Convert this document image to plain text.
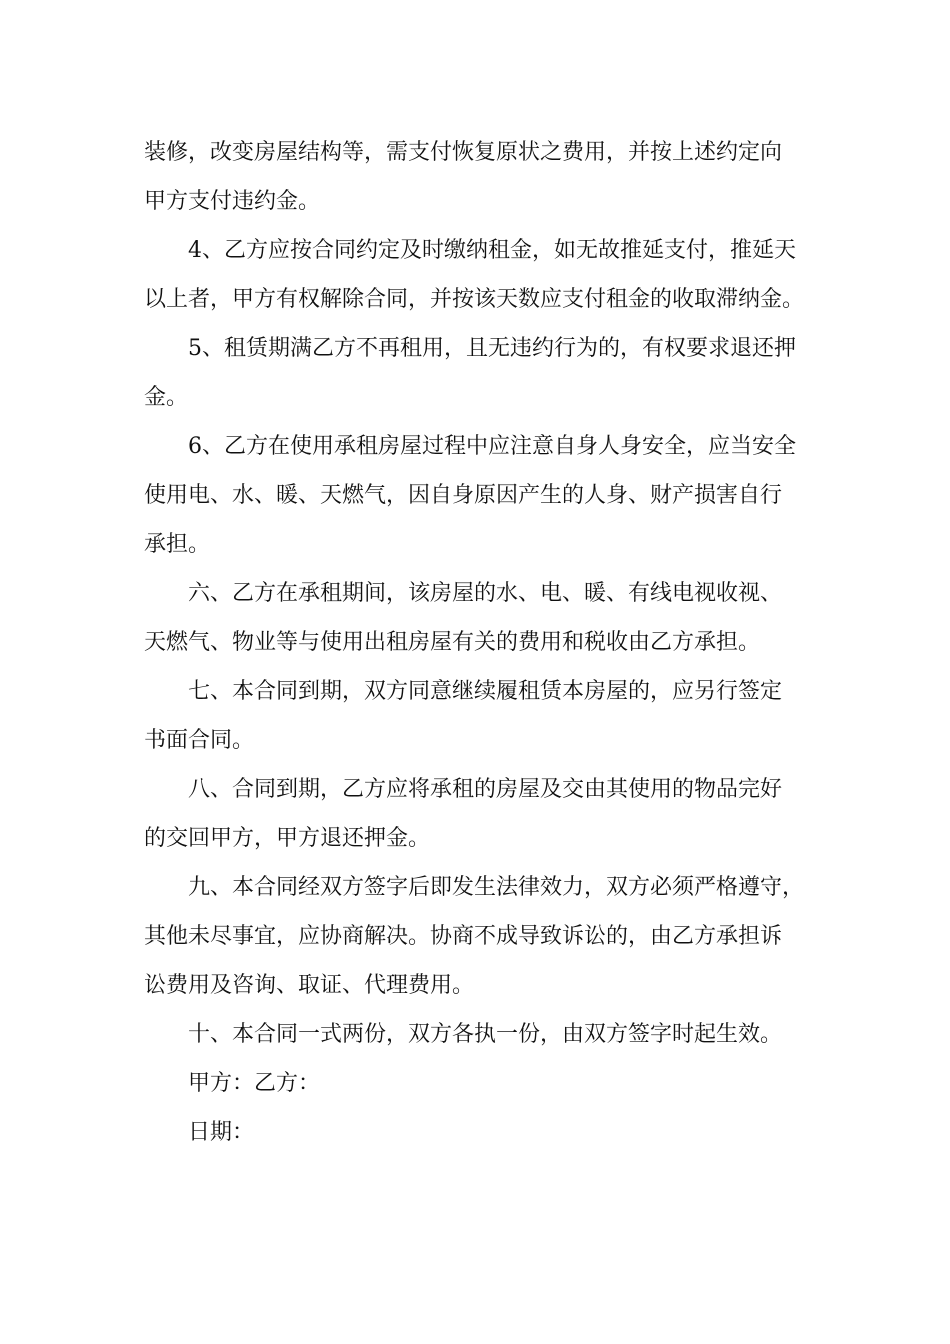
装修，改变房屋结构等，需支付恢复原状之费用，并按上述约定向
甲方支付违约金。
4、乙方应按合同约定及时缴纳租金，如无故推延支付，推延天
以上者，甲方有权解除合同，并按该天数应支付租金的收取滞纳金。
5、租赁期满乙方不再租用，且无违约行为的，有权要求退还押
金。
6、乙方在使用承租房屋过程中应注意自身人身安全，应当安全
使用电、水、暖、天燃气，因自身原因产生的人身、财产损害自行
承担。
六、乙方在承租期间，该房屋的水、电、暖、有线电视收视、
天燃气、物业等与使用出租房屋有关的费用和税收由乙方承担。
七、本合同到期，双方同意继续履租赁本房屋的，应另行签定
书面合同。
八、合同到期，乙方应将承租的房屋及交由其使用的物品完好
的交回甲方，甲方退还押金。
九、本合同经双方签字后即发生法律效力，双方必须严格遵守，
其他未尽事宜，应协商解决。协商不成导致诉讼的，由乙方承担诉
讼费用及咨询、取证、代理费用。
十、本合同一式两份，双方各执一份，由双方签字时起生效。
甲方：乙方：
日期：
